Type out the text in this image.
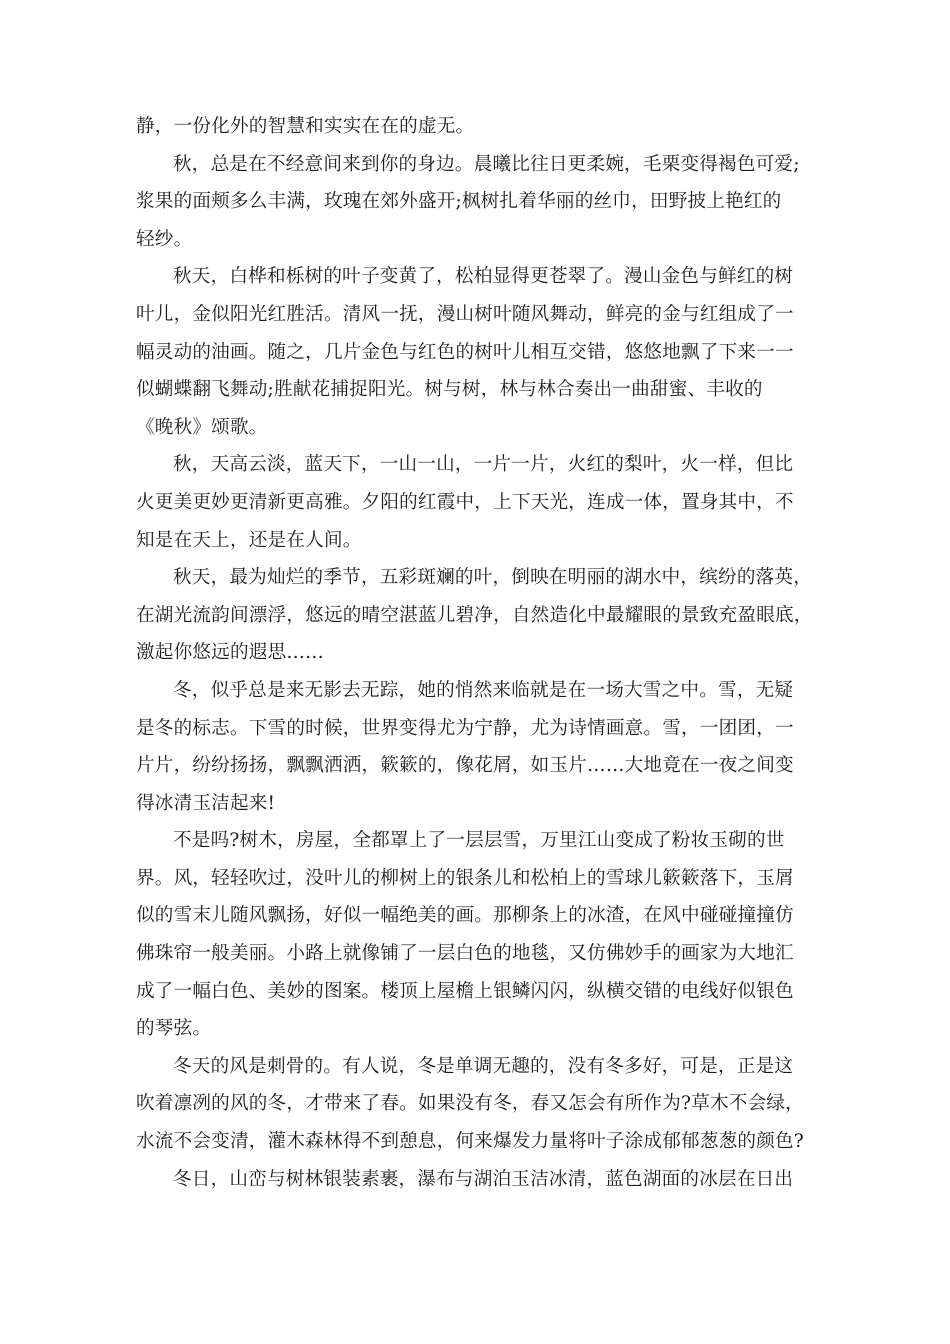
静，一份化外的智慧和实实在在的虚无。
秋，总是在不经意间来到你的身边。晨曦比往日更柔婉，毛栗变得褐色可爱;
浆果的面颊多么丰满，玫瑰在郊外盛开;枫树扎着华丽的丝巾，田野披上艳红的
轻纱。
秋天，白桦和栎树的叶子变黄了，松柏显得更苍翠了。漫山金色与鲜红的树
叶儿，金似阳光红胜活。清风一抚，漫山树叶随风舞动，鲜亮的金与红组成了一
幅灵动的油画。随之，几片金色与红色的树叶儿相互交错，悠悠地飘了下来一一
似蝴蝶翻飞舞动;胜献花捕捉阳光。树与树，林与林合奏出一曲甜蜜、丰收的
《晚秋》颂歌。
秋，天高云淡，蓝天下，一山一山，一片一片，火红的梨叶，火一样，但比
火更美更妙更清新更高雅。夕阳的红霞中，上下天光，连成一体，置身其中，不
知是在天上，还是在人间。
秋天，最为灿烂的季节，五彩斑斓的叶，倒映在明丽的湖水中，缤纷的落英，
在湖光流韵间漂浮，悠远的晴空湛蓝儿碧净，自然造化中最耀眼的景致充盈眼底，
激起你悠远的遐思……
冬，似乎总是来无影去无踪，她的悄然来临就是在一场大雪之中。雪，无疑
是冬的标志。下雪的时候，世界变得尤为宁静，尤为诗情画意。雪，一团团，一
片片，纷纷扬扬，飘飘洒洒，簌簌的，像花屑，如玉片……大地竟在一夜之间变
得冰清玉洁起来!
不是吗?树木，房屋，全都罩上了一层层雪，万里江山变成了粉妆玉砌的世
界。风，轻轻吹过，没叶儿的柳树上的银条儿和松柏上的雪球儿簌簌落下，玉屑
似的雪末儿随风飘扬，好似一幅绝美的画。那柳条上的冰渣，在风中碰碰撞撞仿
佛珠帘一般美丽。小路上就像铺了一层白色的地毯，又仿佛妙手的画家为大地汇
成了一幅白色、美妙的图案。楼顶上屋檐上银鳞闪闪，纵横交错的电线好似银色
的琴弦。
冬天的风是刺骨的。有人说，冬是单调无趣的，没有冬多好，可是，正是这
吹着凛冽的风的冬，才带来了春。如果没有冬，春又怎会有所作为?草木不会绿，
水流不会变清，灌木森林得不到憩息，何来爆发力量将叶子涂成郁郁葱葱的颜色?
冬日，山峦与树林银装素裹，瀑布与湖泊玉洁冰清，蓝色湖面的冰层在日出
